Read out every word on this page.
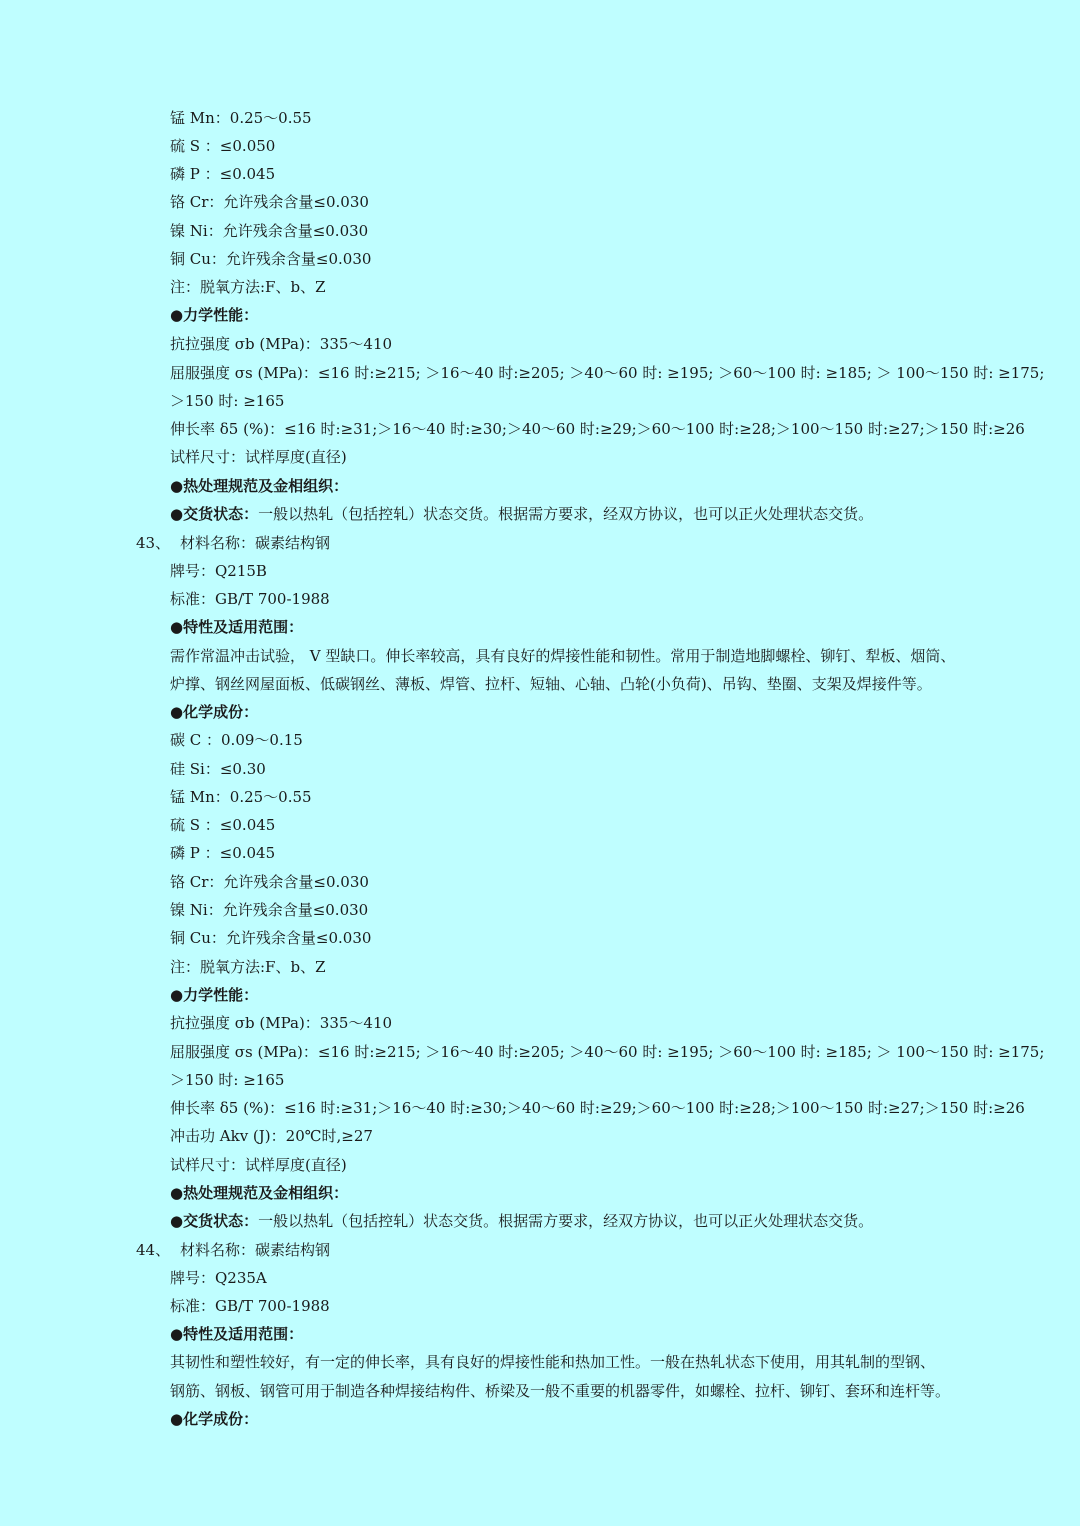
锰 Mn：0.25～0.55
硫 S ：≤0.050
磷 P ：≤0.045
铬 Cr：允许残余含量≤0.030
镍 Ni：允许残余含量≤0.030
铜 Cu：允许残余含量≤0.030
注：脱氧方法:F、b、Z
●力学性能：
抗拉强度 σb (MPa)：335～410
屈服强度 σs (MPa)：≤16 时:≥215; ＞16～40 时:≥205; ＞40～60 时: ≥195; ＞60～100 时: ≥185; ＞ 100～150 时: ≥175;
＞150 时: ≥165
伸长率 δ5 (%)：≤16 时:≥31;＞16～40 时:≥30;＞40～60 时:≥29;＞60～100 时:≥28;＞100～150 时:≥27;＞150 时:≥26
试样尺寸：试样厚度(直径)
●热处理规范及金相组织：
●交货状态：一般以热轧（包括控轧）状态交货。根据需方要求，经双方协议，也可以正火处理状态交货。
43、 材料名称：碳素结构钢
牌号：Q215B
标准：GB/T 700-1988
●特性及适用范围：
需作常温冲击试验， V 型缺口。伸长率较高，具有良好的焊接性能和韧性。常用于制造地脚螺栓、铆钉、犁板、烟筒、
炉撑、钢丝网屋面板、低碳钢丝、薄板、焊管、拉杆、短轴、心轴、凸轮(小负荷)、吊钩、垫圈、支架及焊接件等。
●化学成份：
碳 C ：0.09～0.15
硅 Si：≤0.30
锰 Mn：0.25～0.55
硫 S ：≤0.045
磷 P ：≤0.045
铬 Cr：允许残余含量≤0.030
镍 Ni：允许残余含量≤0.030
铜 Cu：允许残余含量≤0.030
注：脱氧方法:F、b、Z
●力学性能：
抗拉强度 σb (MPa)：335～410
屈服强度 σs (MPa)：≤16 时:≥215; ＞16～40 时:≥205; ＞40～60 时: ≥195; ＞60～100 时: ≥185; ＞ 100～150 时: ≥175;
＞150 时: ≥165
伸长率 δ5 (%)：≤16 时:≥31;＞16～40 时:≥30;＞40～60 时:≥29;＞60～100 时:≥28;＞100～150 时:≥27;＞150 时:≥26
冲击功 Akv (J)：20℃时,≥27
试样尺寸：试样厚度(直径)
●热处理规范及金相组织：
●交货状态：一般以热轧（包括控轧）状态交货。根据需方要求，经双方协议，也可以正火处理状态交货。
44、 材料名称：碳素结构钢
牌号：Q235A
标准：GB/T 700-1988
●特性及适用范围：
其韧性和塑性较好，有一定的伸长率，具有良好的焊接性能和热加工性。一般在热轧状态下使用，用其轧制的型钢、
钢筋、钢板、钢管可用于制造各种焊接结构件、桥梁及一般不重要的机器零件，如螺栓、拉杆、铆钉、套环和连杆等。
●化学成份：
